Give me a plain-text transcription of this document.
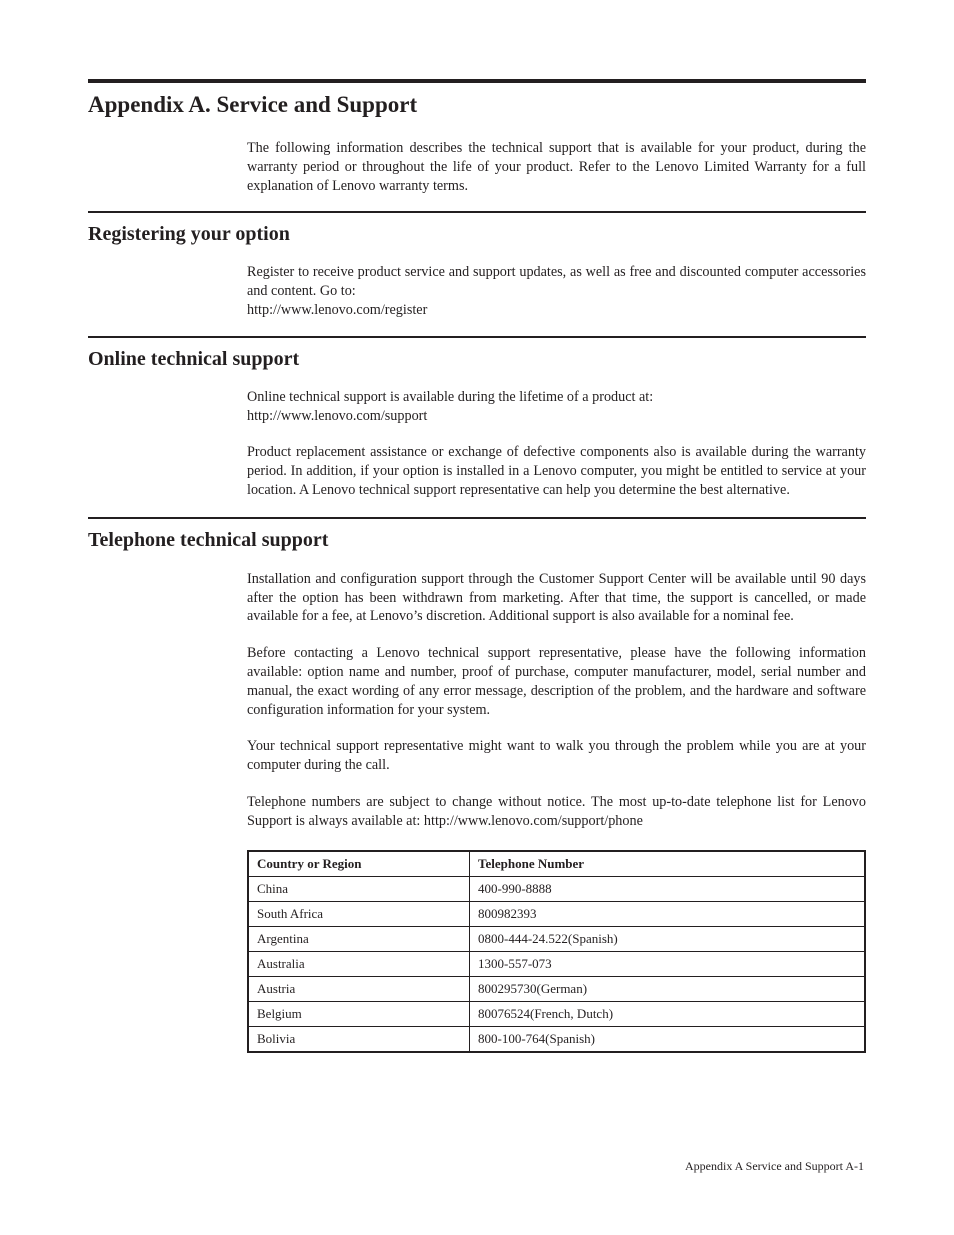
Appendix A. Service and Support

The following information describes the technical support that is available for your product, during the warranty period or throughout the life of your product. Refer to the Lenovo Limited Warranty for a full explanation of Lenovo warranty terms.

Registering your option

Register to receive product service and support updates, as well as free and discounted computer accessories and content. Go to:

http://www.lenovo.com/register

Online technical support

Online technical support is available during the lifetime of a product at:

http://www.lenovo.com/support

Product replacement assistance or exchange of defective components also is available during the warranty period. In addition, if your option is installed in a Lenovo computer, you might be entitled to service at your location. A Lenovo technical support representative can help you determine the best alternative.

Telephone technical support

Installation and configuration support through the Customer Support Center will be available until 90 days after the option has been withdrawn from marketing. After that time, the support is cancelled, or made available for a fee, at Lenovo’s discretion. Additional support is also available for a nominal fee.

Before contacting a Lenovo technical support representative, please have the following information available: option name and number, proof of purchase, computer manufacturer, model, serial number and manual, the exact wording of any error message, description of the problem, and the hardware and software configuration information for your system.

Your technical support representative might want to walk you through the problem while you are at your computer during the call.

Telephone numbers are subject to change without notice. The most up-to-date telephone list for Lenovo Support is always available at: http://www.lenovo.com/support/phone

Country or Region	Telephone Number
China	400-990-8888
South Africa	800982393
Argentina	0800-444-24.522(Spanish)
Australia	1300-557-073
Austria	800295730(German)
Belgium	80076524(French, Dutch)
Bolivia	800-100-764(Spanish)
Appendix A Service and Support A-1
